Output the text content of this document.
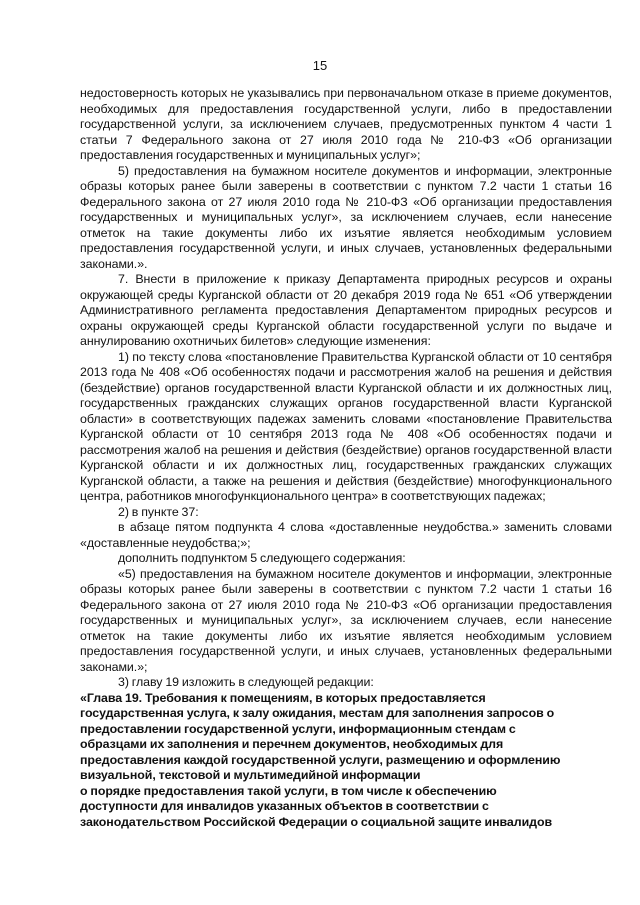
15

недостоверность которых не указывались при первоначальном отказе в приеме документов, необходимых для предоставления государственной услуги, либо в предоставлении государственной услуги, за исключением случаев, предусмотренных пунктом 4 части 1 статьи 7 Федерального закона от 27 июля 2010 года № 210-ФЗ «Об организации предоставления государственных и муниципальных услуг»;

5) предоставления на бумажном носителе документов и информации, электронные образы которых ранее были заверены в соответствии с пунктом 7.2 части 1 статьи 16 Федерального закона от 27 июля 2010 года № 210-ФЗ «Об организации предоставления государственных и муниципальных услуг», за исключением случаев, если нанесение отметок на такие документы либо их изъятие является необходимым условием предоставления государственной услуги, и иных случаев, установленных федеральными законами.».

7. Внести в приложение к приказу Департамента природных ресурсов и охраны окружающей среды Курганской области от 20 декабря 2019 года № 651 «Об утверждении Административного регламента предоставления Департаментом природных ресурсов и охраны окружающей среды Курганской области государственной услуги по выдаче и аннулированию охотничьих билетов» следующие изменения:

1) по тексту слова «постановление Правительства Курганской области от 10 сентября 2013 года № 408 «Об особенностях подачи и рассмотрения жалоб на решения и действия (бездействие) органов государственной власти Курганской области и их должностных лиц, государственных гражданских служащих органов государственной власти Курганской области» в соответствующих падежах заменить словами «постановление Правительства Курганской области от 10 сентября 2013 года № 408 «Об особенностях подачи и рассмотрения жалоб на решения и действия (бездействие) органов государственной власти Курганской области и их должностных лиц, государственных гражданских служащих Курганской области, а также на решения и действия (бездействие) многофункционального центра, работников многофункционального центра» в соответствующих падежах;

2) в пункте 37:

в абзаце пятом подпункта 4 слова «доставленные неудобства.» заменить словами «доставленные неудобства;»;

дополнить подпунктом 5 следующего содержания:

«5) предоставления на бумажном носителе документов и информации, электронные образы которых ранее были заверены в соответствии с пунктом 7.2 части 1 статьи 16 Федерального закона от 27 июля 2010 года № 210-ФЗ «Об организации предоставления государственных и муниципальных услуг», за исключением случаев, если нанесение отметок на такие документы либо их изъятие является необходимым условием предоставления государственной услуги, и иных случаев, установленных федеральными законами.»;

3) главу 19 изложить в следующей редакции:

«Глава 19. Требования к помещениям, в которых предоставляется

государственная услуга, к залу ожидания, местам для заполнения запросов о

предоставлении государственной услуги, информационным стендам с

образцами их заполнения и перечнем документов, необходимых для

предоставления каждой государственной услуги, размещению и оформлению

визуальной, текстовой и мультимедийной информации

о порядке предоставления такой услуги, в том числе к обеспечению

доступности для инвалидов указанных объектов в соответствии с

законодательством Российской Федерации о социальной защите инвалидов
